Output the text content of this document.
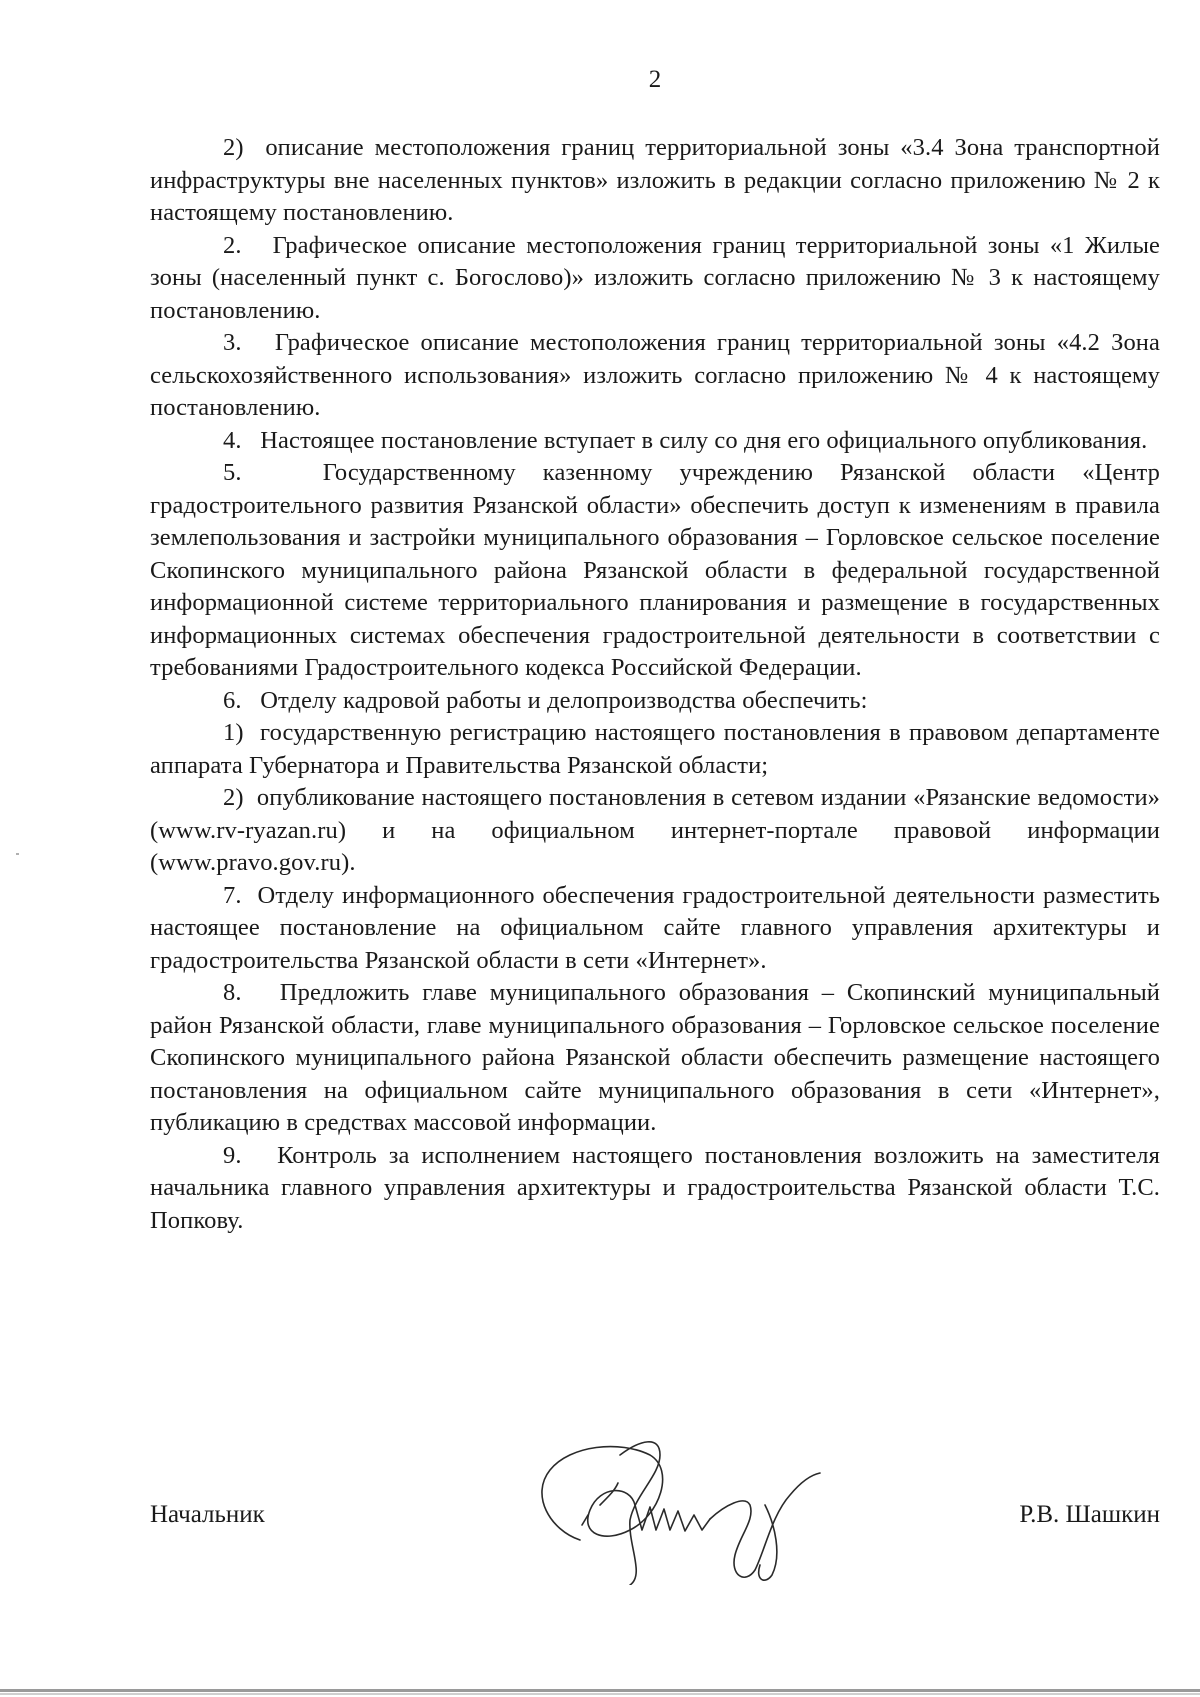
2

2)  описание местоположения границ территориальной зоны «3.4 Зона транспортной инфраструктуры вне населенных пунктов» изложить в редакции согласно приложению № 2 к настоящему постановлению.

2.   Графическое описание местоположения границ территориальной зоны «1 Жилые зоны (населенный пункт с. Богослово)» изложить согласно приложению № 3 к настоящему постановлению.

3.   Графическое описание местоположения границ территориальной зоны «4.2 Зона сельскохозяйственного использования» изложить согласно приложению № 4 к настоящему постановлению.

4.   Настоящее постановление вступает в силу со дня его официального опубликования.

5.   Государственному казенному учреждению Рязанской области «Центр градостроительного развития Рязанской области» обеспечить доступ к изменениям в правила землепользования и застройки муниципального образования – Горловское сельское поселение Скопинского муниципального района Рязанской области в федеральной государственной информационной системе территориального планирования и размещение в государственных информационных системах обеспечения градостроительной деятельности в соответствии с требованиями Градостроительного кодекса Российской Федерации.

6.   Отделу кадровой работы и делопроизводства обеспечить:

1)  государственную регистрацию настоящего постановления в правовом департаменте аппарата Губернатора и Правительства Рязанской области;

2)  опубликование настоящего постановления в сетевом издании «Рязанские ведомости» (www.rv-ryazan.ru) и на официальном интернет-портале правовой информации (www.pravo.gov.ru).

7.  Отделу информационного обеспечения градостроительной деятельности разместить настоящее постановление на официальном сайте главного управления архитектуры и градостроительства Рязанской области в сети «Интернет».

8.   Предложить главе муниципального образования – Скопинский муниципальный район Рязанской области, главе муниципального образования – Горловское сельское поселение Скопинского муниципального района Рязанской области обеспечить размещение настоящего постановления на официальном сайте муниципального образования в сети «Интернет», публикацию в средствах массовой информации.

9.   Контроль за исполнением настоящего постановления возложить на заместителя начальника главного управления архитектуры и градостроительства Рязанской области Т.С. Попкову.

Начальник	Р.В. Шашкин
